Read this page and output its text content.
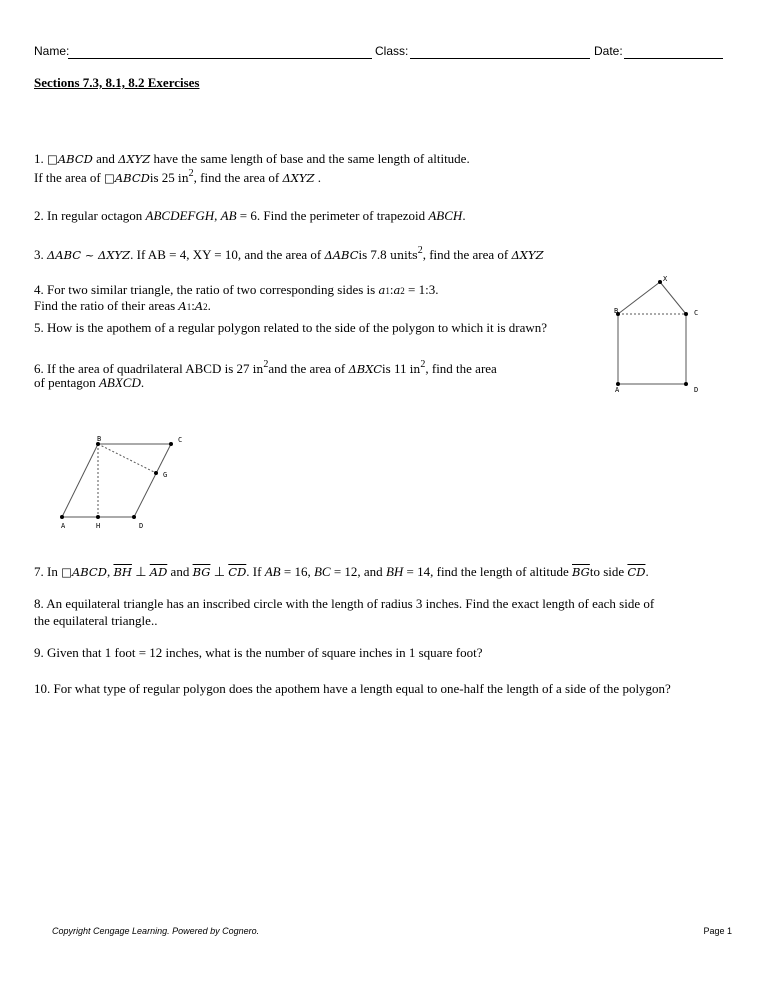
Name:	Class:	Date:
Sections 7.3, 8.1, 8.2 Exercises
1. □ABCD and ΔXYZ have the same length of base and the same length of altitude.
If the area of □ABCDis 25 $in^2$, find the area of ΔXYZ .
2. In regular octagon ABCDEFGH, AB = 6. Find the perimeter of trapezoid ABCH.
3. ΔABC ~ ΔXYZ. If AB = 4, XY = 10, and the area of ΔABCis 7.8 units$^2$, find the area of ΔXYZ
4. For two similar triangle, the ratio of two corresponding sides is a1:a2 = 1:3.
Find the ratio of their areas A1:A2.
5. How is the apothem of a regular polygon related to the side of the polygon to which it is drawn?
6. If the area of quadrilateral ABCD is 27 $in^2and$ the area of ΔBXCis 11 $in^2$, find the area
of pentagon ABXCD.
7. In □ABCD, $\overline{BH}$ ⊥ $\overline{AD}$ and $\overline{BG}$ ⊥ $\overline{CD}$. If AB = 16, BC = 12, and BH = 14, find the length of altitude $\overline{BG}to$ side $\overline{CD}$.
8. An equilateral triangle has an inscribed circle with the length of radius 3 inches. Find the exact length of each side of
the equilateral triangle..
9. Given that 1 foot = 12 inches, what is the number of square inches in 1 square foot?
10. For what type of regular polygon does the apothem have a length equal to one-half the length of a side of the polygon?
X
B	C
A	D
B	C
G
A	H	D
Copyright Cengage Learning. Powered by Cognero.	Page 1
